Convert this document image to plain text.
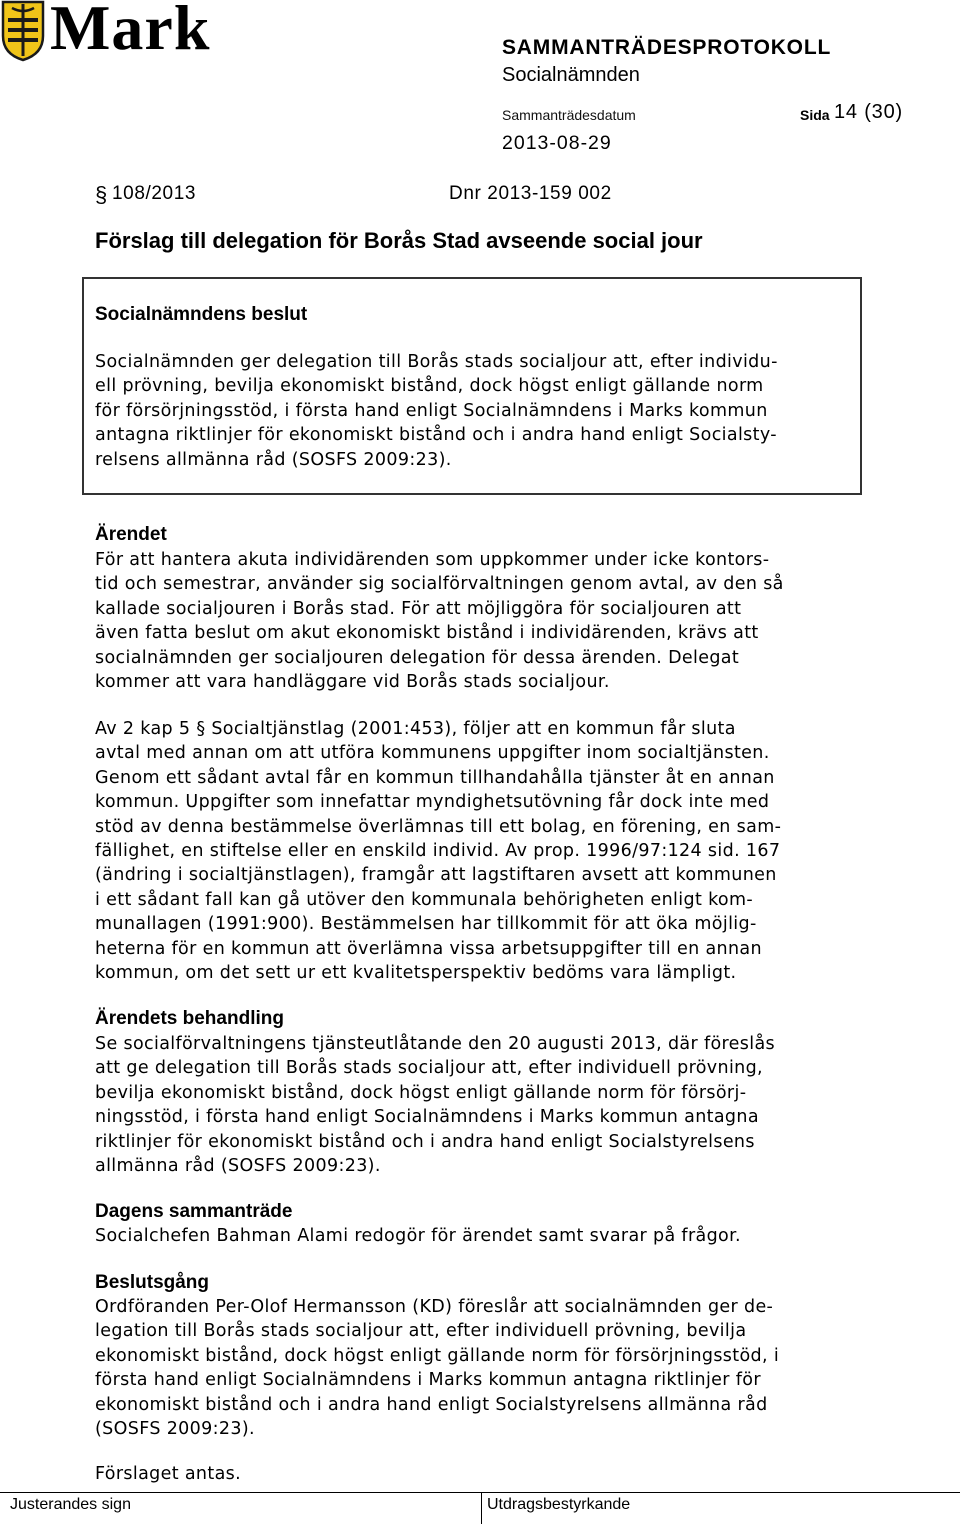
Mark	SAMMANTRÄDESPROTOKOLL
Socialnämnden
Sammanträdesdatum	Sida 14 (30)
2013-08-29
§ 108/2013	Dnr 2013-159 002
Förslag till delegation för Borås Stad avseende social jour
Socialnämndens beslut

Socialnämnden ger delegation till Borås stads socialjour att, efter individu-
ell prövning, bevilja ekonomiskt bistånd, dock högst enligt gällande norm
för försörjningsstöd, i första hand enligt Socialnämndens i Marks kommun
antagna riktlinjer för ekonomiskt bistånd och i andra hand enligt Socialsty-
relsens allmänna råd (SOSFS 2009:23).

Ärendet

För att hantera akuta individärenden som uppkommer under icke kontors-
tid och semestrar, använder sig socialförvaltningen genom avtal, av den så
kallade socialjouren i Borås stad. För att möjliggöra för socialjouren att
även fatta beslut om akut ekonomiskt bistånd i individärenden, krävs att
socialnämnden ger socialjouren delegation för dessa ärenden. Delegat
kommer att vara handläggare vid Borås stads socialjour.

Av 2 kap 5 § Socialtjänstlag (2001:453), följer att en kommun får sluta
avtal med annan om att utföra kommunens uppgifter inom socialtjänsten.
Genom ett sådant avtal får en kommun tillhandahålla tjänster åt en annan
kommun. Uppgifter som innefattar myndighetsutövning får dock inte med
stöd av denna bestämmelse överlämnas till ett bolag, en förening, en sam-
fällighet, en stiftelse eller en enskild individ. Av prop. 1996/97:124 sid. 167
(ändring i socialtjänstlagen), framgår att lagstiftaren avsett att kommunen
i ett sådant fall kan gå utöver den kommunala behörigheten enligt kom-
munallagen (1991:900). Bestämmelsen har tillkommit för att öka möjlig-
heterna för en kommun att överlämna vissa arbetsuppgifter till en annan
kommun, om det sett ur ett kvalitetsperspektiv bedöms vara lämpligt.

Ärendets behandling

Se socialförvaltningens tjänsteutlåtande den 20 augusti 2013, där föreslås
att ge delegation till Borås stads socialjour att, efter individuell prövning,
bevilja ekonomiskt bistånd, dock högst enligt gällande norm för försörj-
ningsstöd, i första hand enligt Socialnämndens i Marks kommun antagna
riktlinjer för ekonomiskt bistånd och i andra hand enligt Socialstyrelsens
allmänna råd (SOSFS 2009:23).

Dagens sammanträde

Socialchefen Bahman Alami redogör för ärendet samt svarar på frågor.

Beslutsgång

Ordföranden Per-Olof Hermansson (KD) föreslår att socialnämnden ger de-
legation till Borås stads socialjour att, efter individuell prövning, bevilja
ekonomiskt bistånd, dock högst enligt gällande norm för försörjningsstöd, i
första hand enligt Socialnämndens i Marks kommun antagna riktlinjer för
ekonomiskt bistånd och i andra hand enligt Socialstyrelsens allmänna råd
(SOSFS 2009:23).

Förslaget antas.

Justerandes sign	Utdragsbestyrkande
